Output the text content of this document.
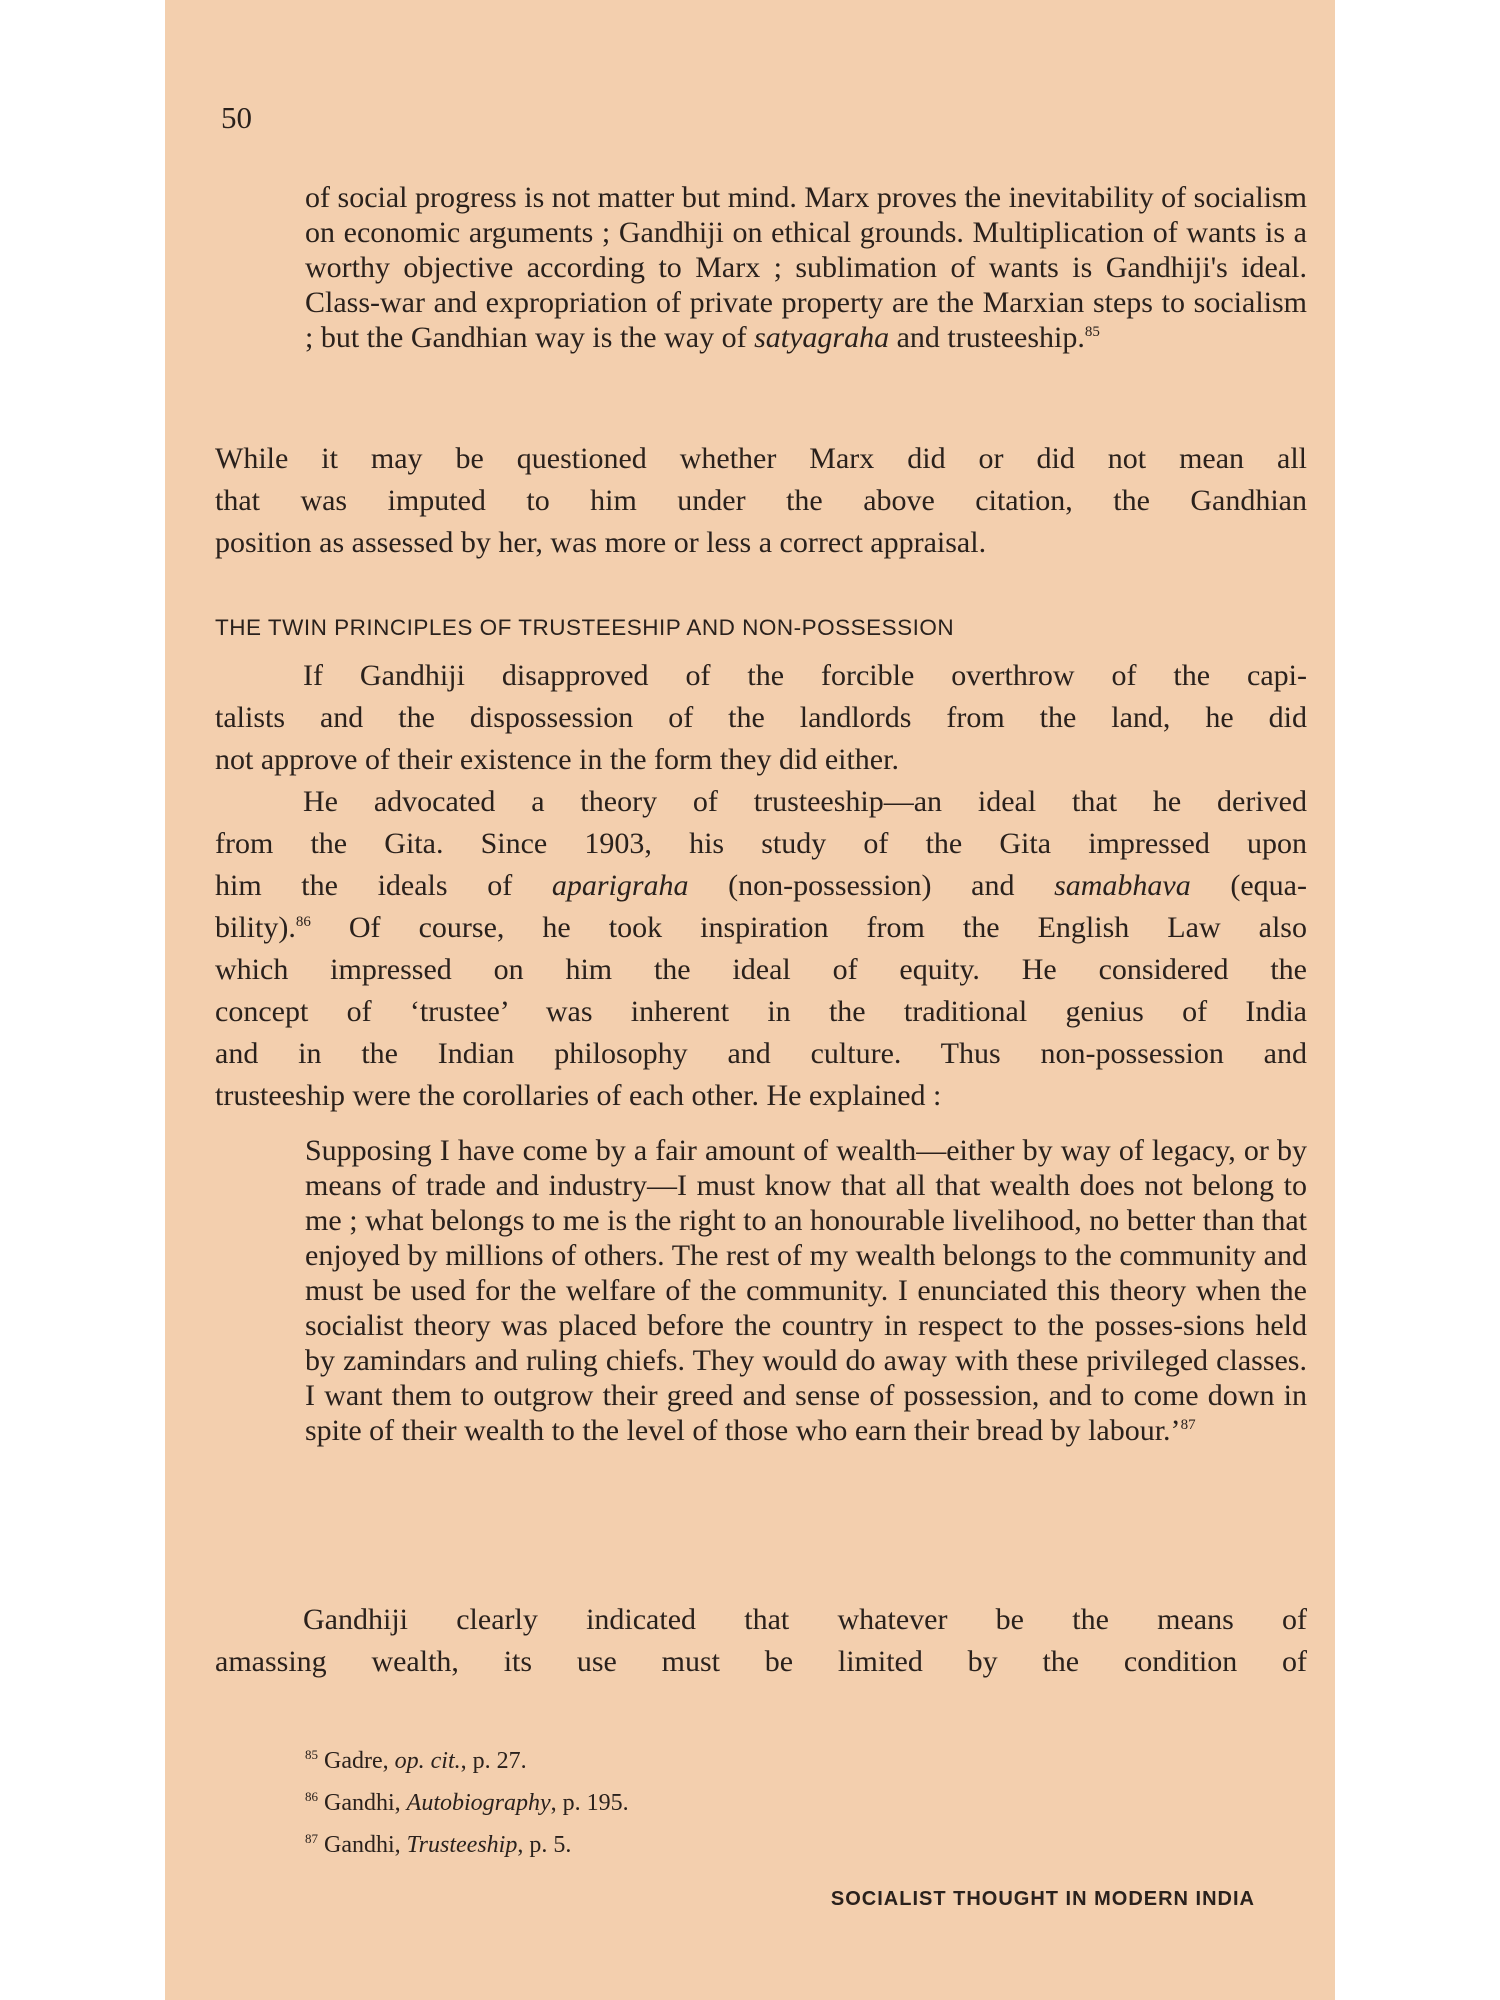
50
of social progress is not matter but mind. Marx proves the inevitability of socialism on economic arguments ; Gandhiji on ethical grounds. Multiplication of wants is a worthy objective according to Marx ; sublimation of wants is Gandhiji's ideal. Class-war and expropriation of private property are the Marxian steps to socialism ; but the Gandhian way is the way of satyagraha and trusteeship.$^{85}$
While it may be questioned whether Marx did or did not mean all
that was imputed to him under the above citation, the Gandhian
position as assessed by her, was more or less a correct appraisal.
THE TWIN PRINCIPLES OF TRUSTEESHIP AND NON-POSSESSION
If Gandhiji disapproved of the forcible overthrow of the capi-
talists and the dispossession of the landlords from the land, he did
not approve of their existence in the form they did either.
He advocated a theory of trusteeship—an ideal that he derived
from the Gita. Since 1903, his study of the Gita impressed upon
him the ideals of aparigraha (non-possession) and samabhava (equa-
bility).$^{86}$ Of course, he took inspiration from the English Law also
which impressed on him the ideal of equity. He considered the
concept of ‘trustee’ was inherent in the traditional genius of India
and in the Indian philosophy and culture. Thus non-possession and
trusteeship were the corollaries of each other. He explained :
Supposing I have come by a fair amount of wealth—either by way of legacy, or by means of trade and industry—I must know that all that wealth does not belong to me ; what belongs to me is the right to an honourable livelihood, no better than that enjoyed by millions of others. The rest of my wealth belongs to the community and must be used for the welfare of the community. I enunciated this theory when the socialist theory was placed before the country in respect to the posses-sions held by zamindars and ruling chiefs. They would do away with these privileged classes. I want them to outgrow their greed and sense of possession, and to come down in spite of their wealth to the level of those who earn their bread by labour.’$^{87}$
Gandhiji clearly indicated that whatever be the means of
amassing wealth, its use must be limited by the condition of
$^{85}$ Gadre, op. cit., p. 27.
$^{86}$ Gandhi, Autobiography, p. 195.
$^{87}$ Gandhi, Trusteeship, p. 5.
SOCIALIST THOUGHT IN MODERN INDIA
